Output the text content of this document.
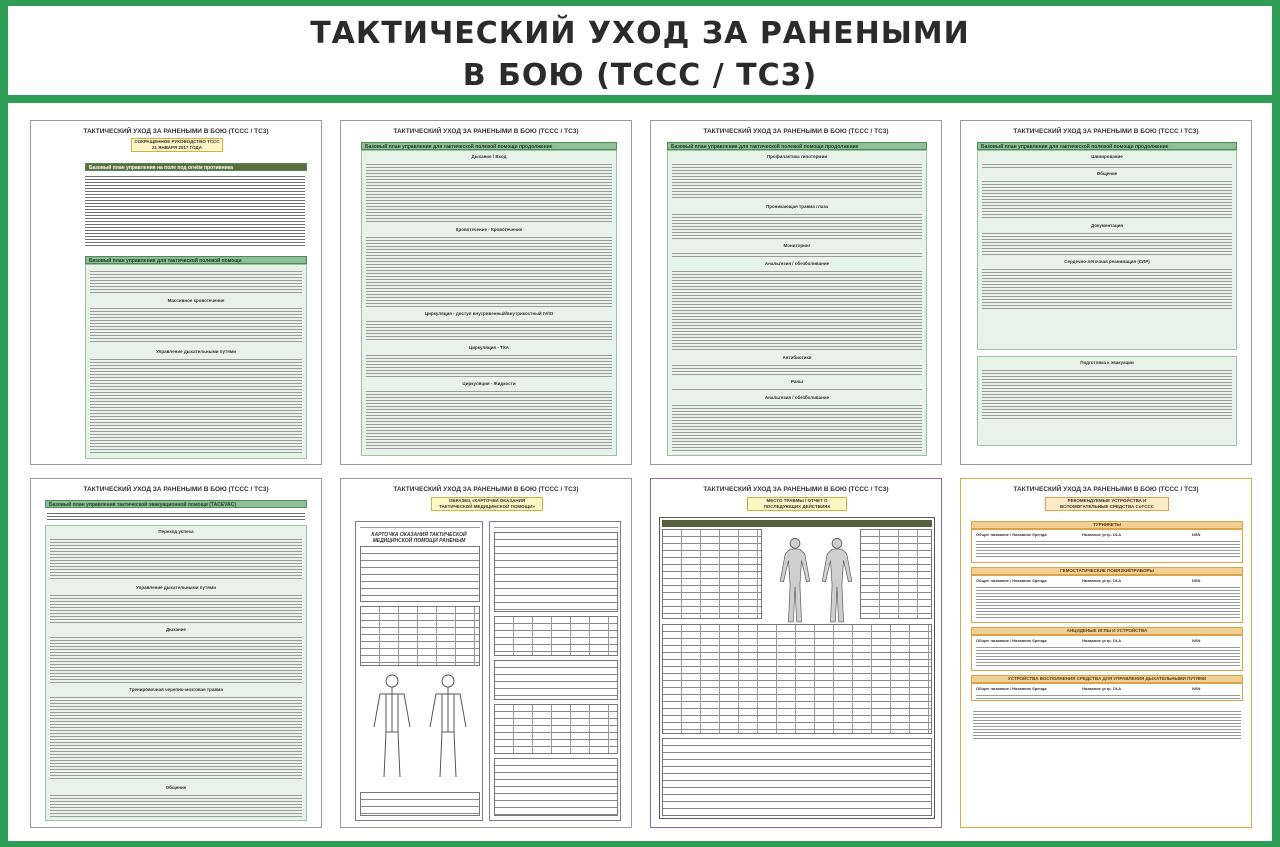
ТАКТИЧЕСКИЙ УХОД ЗА РАНЕНЫМИ
В БОЮ (TCCC / TC3)
ТАКТИЧЕСКИЙ УХОД ЗА РАНЕНЫМИ В БОЮ (TCCC / TC3)
СОКРАЩЕННОЕ РУКОВОДСТВО TCCC 21 ЯНВАРЯ 2017 ГОДА
Базовый план управления на поле под огнём противника
Базовый план управления для тактической полевой помощи
Массивное кровотечение
Управление дыхательными путями
ТАКТИЧЕСКИЙ УХОД ЗА РАНЕНЫМИ В БОЮ (TCCC / TC3)
Базовый план управления для тактической полевой помощи продолжение
Дыхание / Вход
Кровотечение - Кровотечение
Циркуляция - доступ внутривенный/внутрикостный IV/IO
Циркуляция - TXA
Циркуляция - Жидкости
ТАКТИЧЕСКИЙ УХОД ЗА РАНЕНЫМИ В БОЮ (TCCC / TC3)
Базовый план управления для тактической полевой помощи продолжение
Профилактика гипотермии
Проникающая травма глаза
Мониторинг
Анальгезия / обезболивание
Антибиотики
Раны
Анальгезия / обезболивание
ТАКТИЧЕСКИЙ УХОД ЗА РАНЕНЫМИ В БОЮ (TCCC / TC3)
Базовый план управления для тактической полевой помощи продолжение
Шинирование
Общение
Документация
Сердечно-лёгочная реанимация (СЛР)
Подготовка к эвакуации
ТАКТИЧЕСКИЙ УХОД ЗА РАНЕНЫМИ В БОЮ (TCCC / TC3)
Базовый план управления тактической эвакуационной помощи (TACEVAC)
Переход успеха
Управление дыхательными путями
Дыхание
Тренировочная черепно-мозговая травма
Общение
ТАКТИЧЕСКИЙ УХОД ЗА РАНЕНЫМИ В БОЮ (TCCC / TC3)
ОБРАЗЕЦ «КАРТОЧКИ ОКАЗАНИЯ ТАКТИЧЕСКОЙ МЕДИЦИНСКОЙ ПОМОЩИ»
КАРТОЧКА ОКАЗАНИЯ ТАКТИЧЕСКОЙ МЕДИЦИНСКОЙ ПОМОЩИ РАНЕНЫМ
ТАКТИЧЕСКИЙ УХОД ЗА РАНЕНЫМИ В БОЮ (TCCC / TC3)
МЕСТО ТРАВМЫ / ОТЧЕТ О ПОСЛЕДУЮЩИХ ДЕЙСТВИЯХ
ТАКТИЧЕСКИЙ УХОД ЗА РАНЕНЫМИ В БОЮ (TCCC / TC3)
РЕКОМЕНДУЕМЫЕ УСТРОЙСТВА И ВСПОМОГАТЕЛЬНЫЕ СРЕДСТВА CoTCCC
ТУРНИКЕТЫ
Общее название / Название бренда	Название устр. DLA	NSN
ГЕМОСТАТИЧЕСКИЕ ПОВЯЗКИ/ПРИБОРЫ
Общее название / Название бренда	Название устр. DLA	NSN
АНЦИДЕНЫЕ ИГЛЫ И УСТРОЙСТВА
Общее название / Название бренда	Название устр. DLA	NSN
УСТРОЙСТВА ВОСПОЛНЕНИЯ СРЕДСТВА ДЛЯ УПРАВЛЕНИЯ ДЫХАТЕЛЬНЫМИ ПУТЯМИ
Общее название / Название бренда	Название устр. DLA	NSN
